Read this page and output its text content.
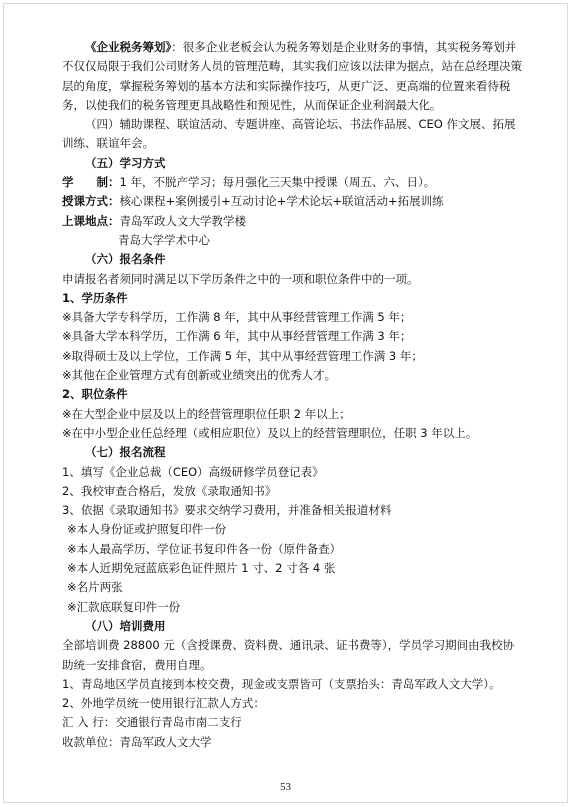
《企业税务筹划》：很多企业老板会认为税务筹划是企业财务的事情，其实税务筹划并不仅仅局限于我们公司财务人员的管理范畴，其实我们应该以法律为据点，站在总经理决策层的角度，掌握税务筹划的基本方法和实际操作技巧，从更广泛、更高端的位置来看待税务，以使我们的税务管理更具战略性和预见性，从而保证企业利润最大化。

（四）辅助课程、联谊活动、专题讲座、高管论坛、书法作品展、CEO 作文展、拓展训练、联谊年会。

（五）学习方式

学　　制：1 年，不脱产学习；每月强化三天集中授课（周五、六、日）。

授课方式：核心课程+案例援引+互动讨论+学术论坛+联谊活动+拓展训练

上课地点：青岛军政人文大学教学楼

青岛大学学术中心

（六）报名条件

申请报名者须同时满足以下学历条件之中的一项和职位条件中的一项。

1、学历条件

※具备大学专科学历，工作满 8 年，其中从事经营管理工作满 5 年；

※具备大学本科学历，工作满 6 年，其中从事经营管理工作满 3 年；

※取得硕士及以上学位，工作满 5 年，其中从事经营管理工作满 3 年；

※其他在企业管理方式有创新或业绩突出的优秀人才。

2、职位条件

※在大型企业中层及以上的经营管理职位任职 2 年以上；

※在中小型企业任总经理（或相应职位）及以上的经营管理职位，任职 3 年以上。

（七）报名流程

1、填写《企业总裁（CEO）高级研修学员登记表》

2、我校审查合格后，发放《录取通知书》

3、依据《录取通知书》要求交纳学习费用，并准备相关报道材料

※本人身份证或护照复印件一份

※本人最高学历、学位证书复印件各一份（原件备查）

※本人近期免冠蓝底彩色证件照片 1 寸、2 寸各 4 张

※名片两张

※汇款底联复印件一份

（八）培训费用

全部培训费 28800 元（含授课费、资料费、通讯录、证书费等），学员学习期间由我校协助统一安排食宿，费用自理。

1、青岛地区学员直接到本校交费，现金或支票皆可（支票抬头：青岛军政人文大学）。

2、外地学员统一使用银行汇款人方式：

汇 入 行：交通银行青岛市南二支行

收款单位：青岛军政人文大学

53
